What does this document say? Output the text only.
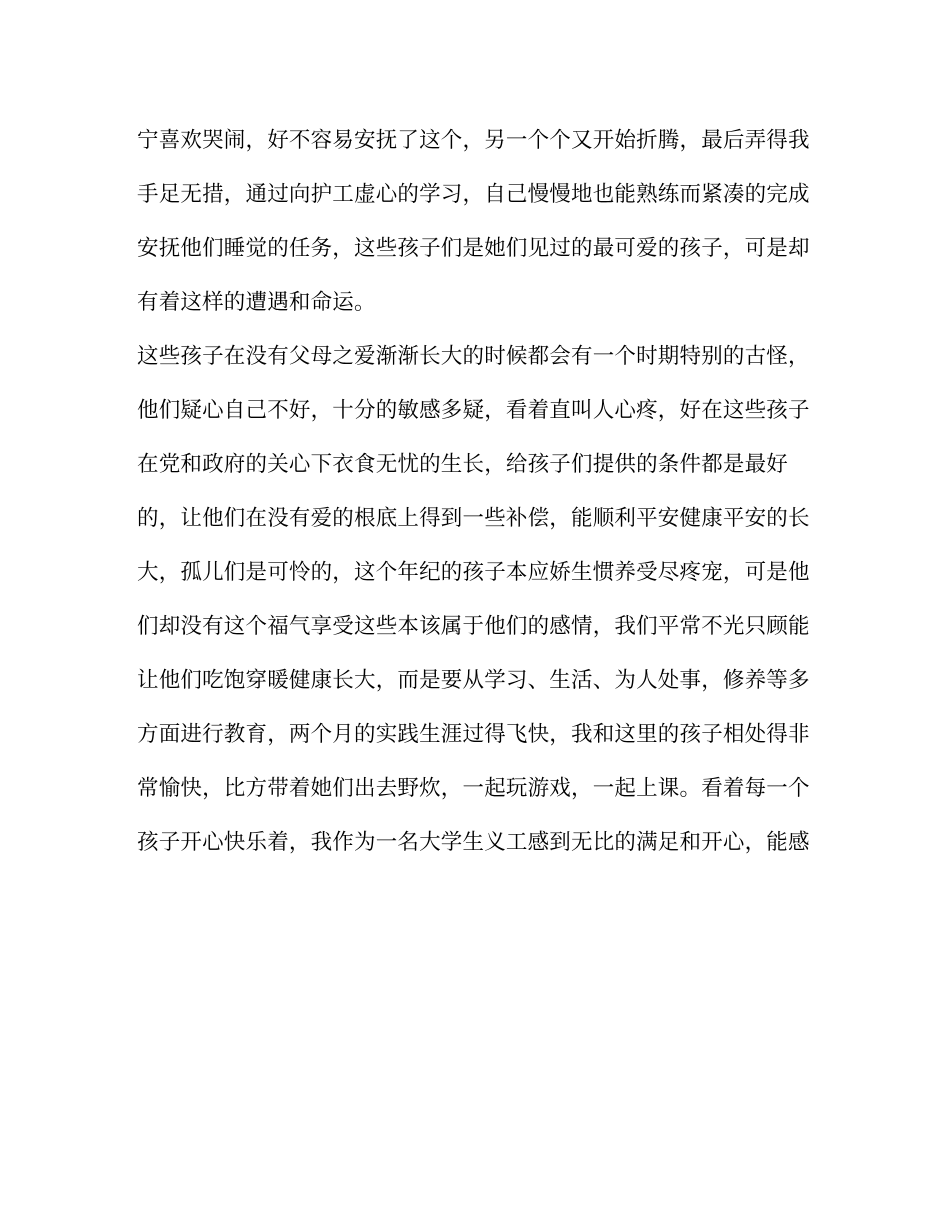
宁喜欢哭闹，好不容易安抚了这个，另一个个又开始折腾，最后弄得我
手足无措，通过向护工虚心的学习，自己慢慢地也能熟练而紧凑的完成
安抚他们睡觉的任务，这些孩子们是她们见过的最可爱的孩子，可是却
有着这样的遭遇和命运。
这些孩子在没有父母之爱渐渐长大的时候都会有一个时期特别的古怪，
他们疑心自己不好，十分的敏感多疑，看着直叫人心疼，好在这些孩子
在党和政府的关心下衣食无忧的生长，给孩子们提供的条件都是最好
的，让他们在没有爱的根底上得到一些补偿，能顺利平安健康平安的长
大，孤儿们是可怜的，这个年纪的孩子本应娇生惯养受尽疼宠，可是他
们却没有这个福气享受这些本该属于他们的感情，我们平常不光只顾能
让他们吃饱穿暖健康长大，而是要从学习、生活、为人处事，修养等多
方面进行教育，两个月的实践生涯过得飞快，我和这里的孩子相处得非
常愉快，比方带着她们出去野炊，一起玩游戏，一起上课。看着每一个
孩子开心快乐着，我作为一名大学生义工感到无比的满足和开心，能感
